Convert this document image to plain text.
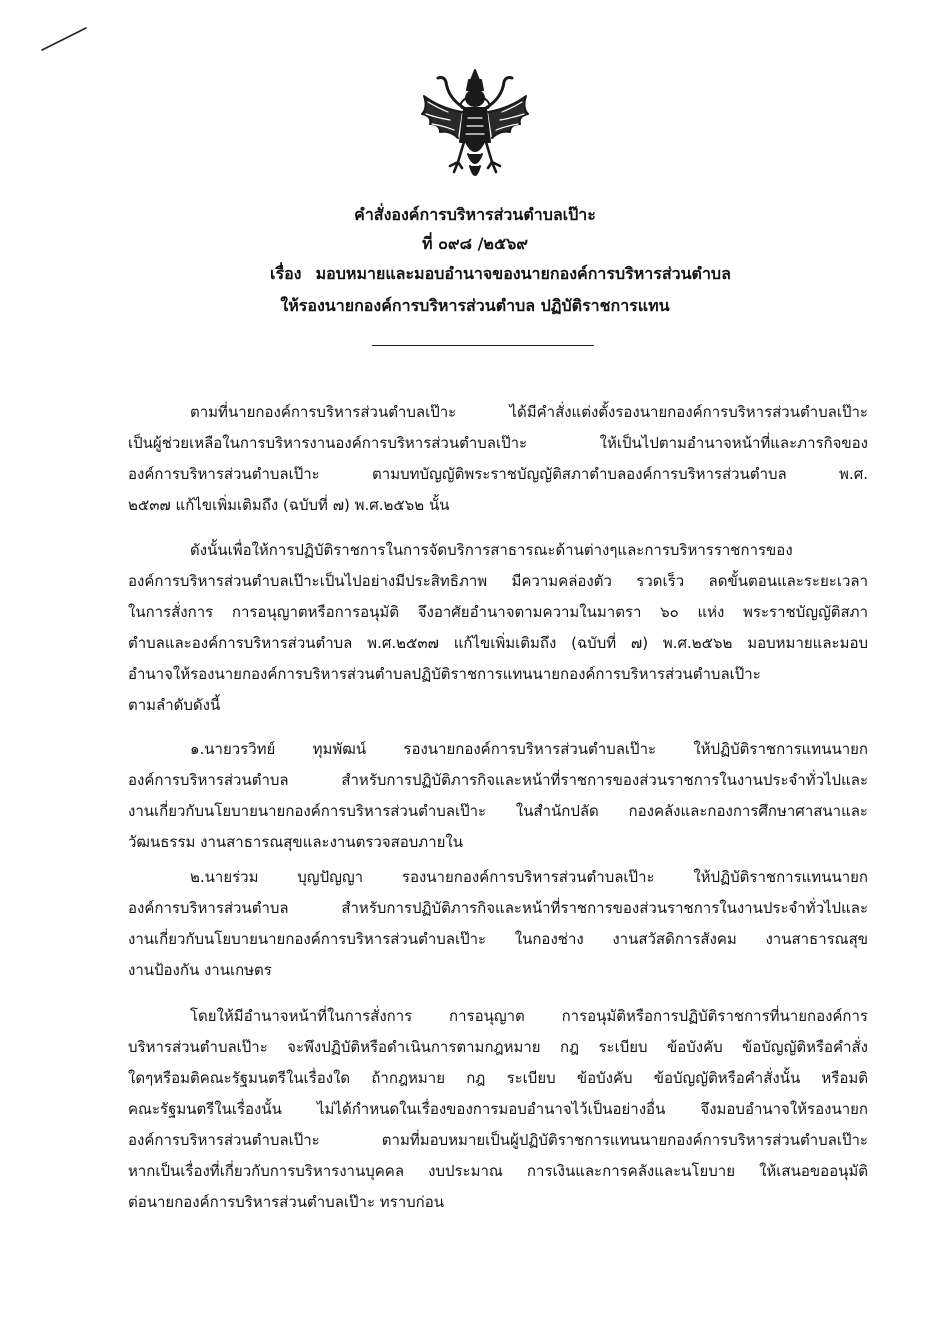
คำสั่งองค์การบริหารส่วนตำบลเป๊าะ
ที่ ๐๙๘ /๒๕๖๙
เรื่อง มอบหมายและมอบอำนาจของนายกองค์การบริหารส่วนตำบล
ให้รองนายกองค์การบริหารส่วนตำบล ปฏิบัติราชการแทน
ตามที่นายกองค์การบริหารส่วนตำบลเป๊าะ ได้มีคำสั่งแต่งตั้งรองนายกองค์การบริหารส่วนตำบลเป๊าะ
เป็นผู้ช่วยเหลือในการบริหารงานองค์การบริหารส่วนตำบลเป๊าะ ให้เป็นไปตามอำนาจหน้าที่และภารกิจของ
องค์การบริหารส่วนตำบลเป๊าะ ตามบทบัญญัติพระราชบัญญัติสภาตำบลองค์การบริหารส่วนตำบล พ.ศ.
๒๕๓๗ แก้ไขเพิ่มเติมถึง (ฉบับที่ ๗) พ.ศ.๒๕๖๒ นั้น
ดังนั้นเพื่อให้การปฏิบัติราชการในการจัดบริการสาธารณะด้านต่างๆและการบริหารราชการของ
องค์การบริหารส่วนตำบลเป๊าะเป็นไปอย่างมีประสิทธิภาพ มีความคล่องตัว รวดเร็ว ลดขั้นตอนและระยะเวลา
ในการสั่งการ การอนุญาตหรือการอนุมัติ จึงอาศัยอำนาจตามความในมาตรา ๖๐ แห่ง พระราชบัญญัติสภา
ตำบลและองค์การบริหารส่วนตำบล พ.ศ.๒๕๓๗ แก้ไขเพิ่มเติมถึง (ฉบับที่ ๗) พ.ศ.๒๕๖๒ มอบหมายและมอบ
อำนาจให้รองนายกองค์การบริหารส่วนตำบลปฏิบัติราชการแทนนายกองค์การบริหารส่วนตำบลเป๊าะ
ตามลำดับดังนี้
๑.นายวรวิทย์ ทุมพัฒน์ รองนายกองค์การบริหารส่วนตำบลเป๊าะ ให้ปฏิบัติราชการแทนนายก
องค์การบริหารส่วนตำบล สำหรับการปฏิบัติภารกิจและหน้าที่ราชการของส่วนราชการในงานประจำทั่วไปและ
งานเกี่ยวกับนโยบายนายกองค์การบริหารส่วนตำบลเป๊าะ ในสำนักปลัด กองคลังและกองการศึกษาศาสนาและ
วัฒนธรรม งานสาธารณสุขและงานตรวจสอบภายใน
๒.นายร่วม บุญปัญญา รองนายกองค์การบริหารส่วนตำบลเป๊าะ ให้ปฏิบัติราชการแทนนายก
องค์การบริหารส่วนตำบล สำหรับการปฏิบัติภารกิจและหน้าที่ราชการของส่วนราชการในงานประจำทั่วไปและ
งานเกี่ยวกับนโยบายนายกองค์การบริหารส่วนตำบลเป๊าะ ในกองช่าง งานสวัสดิการสังคม งานสาธารณสุข
งานป้องกัน งานเกษตร
โดยให้มีอำนาจหน้าที่ในการสั่งการ การอนุญาต การอนุมัติหรือการปฏิบัติราชการที่นายกองค์การ
บริหารส่วนตำบลเป๊าะ จะพึงปฏิบัติหรือดำเนินการตามกฎหมาย กฎ ระเบียบ ข้อบังคับ ข้อบัญญัติหรือคำสั่ง
ใดๆหรือมติคณะรัฐมนตรีในเรื่องใด ถ้ากฎหมาย กฎ ระเบียบ ข้อบังคับ ข้อบัญญัติหรือคำสั่งนั้น หรือมติ
คณะรัฐมนตรีในเรื่องนั้น ไม่ได้กำหนดในเรื่องของการมอบอำนาจไว้เป็นอย่างอื่น จึงมอบอำนาจให้รองนายก
องค์การบริหารส่วนตำบลเป๊าะ ตามที่มอบหมายเป็นผู้ปฏิบัติราชการแทนนายกองค์การบริหารส่วนตำบลเป๊าะ
หากเป็นเรื่องที่เกี่ยวกับการบริหารงานบุคคล งบประมาณ การเงินและการคลังและนโยบาย ให้เสนอขออนุมัติ
ต่อนายกองค์การบริหารส่วนตำบลเป๊าะ ทราบก่อน
